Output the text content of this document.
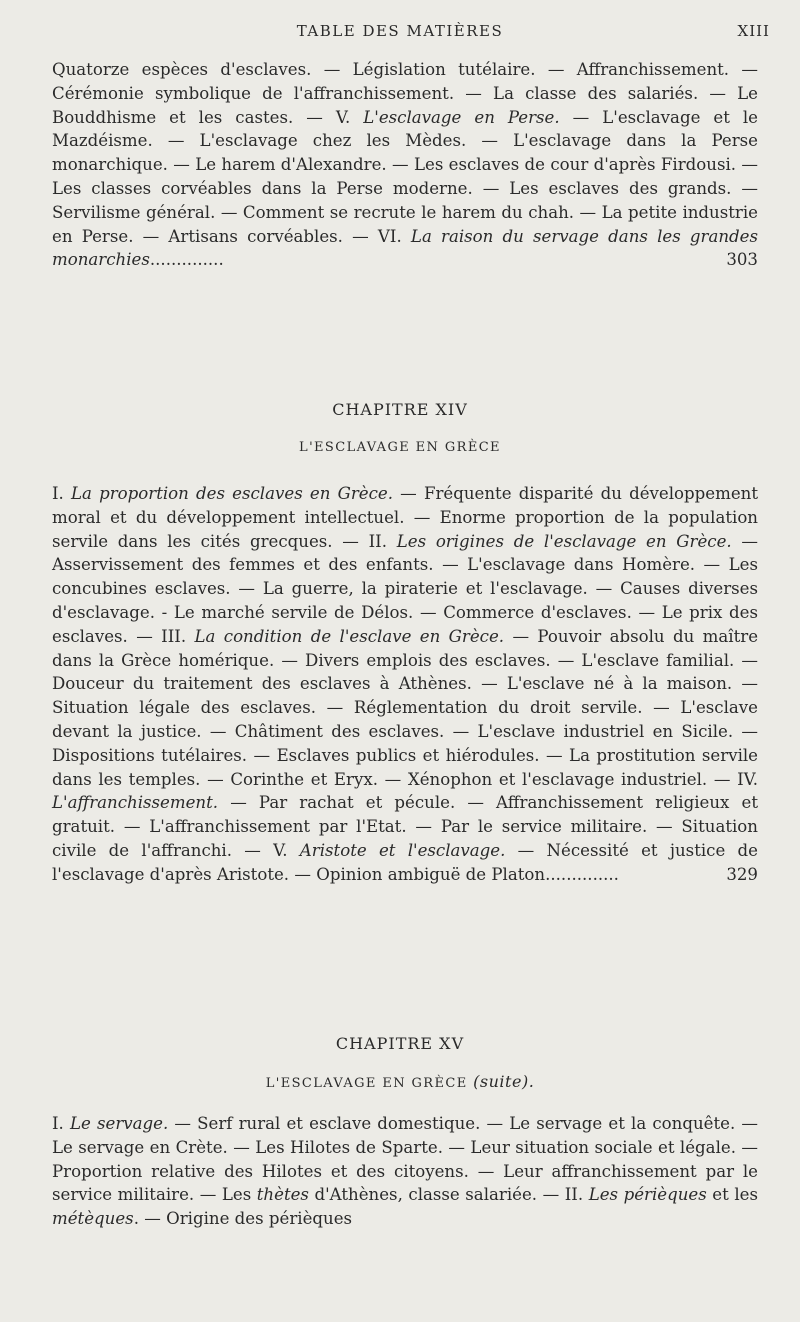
TABLE DES MATIÈRES	XIII
Quatorze espèces d'esclaves. — Législation tutélaire. — Affranchissement. — Cérémonie symbolique de l'affranchissement. — La classe des salariés. — Le Bouddhisme et les castes. — V. L'esclavage en Perse. — L'esclavage et le Mazdéisme. — L'esclavage chez les Mèdes. — L'esclavage dans la Perse monarchique. — Le harem d'Alexandre. — Les esclaves de cour d'après Firdousi. — Les classes corvéables dans la Perse moderne. — Les esclaves des grands. — Servilisme général. — Comment se recrute le harem du chah. — La petite industrie en Perse. — Artisans corvéables. — VI. La raison du servage dans les grandes monarchies..............	303
CHAPITRE XIV
L'ESCLAVAGE EN GRÈCE
I. La proportion des esclaves en Grèce. — Fréquente disparité du développement moral et du développement intellectuel. — Enorme proportion de la population servile dans les cités grecques. — II. Les origines de l'esclavage en Grèce. — Asservissement des femmes et des enfants. — L'esclavage dans Homère. — Les concubines esclaves. — La guerre, la piraterie et l'esclavage. — Causes diverses d'esclavage. - Le marché servile de Délos. — Commerce d'esclaves. — Le prix des esclaves. — III. La condition de l'esclave en Grèce. — Pouvoir absolu du maître dans la Grèce homérique. — Divers emplois des esclaves. — L'esclave familial. — Douceur du traitement des esclaves à Athènes. — L'esclave né à la maison. — Situation légale des esclaves. — Réglementation du droit servile. — L'esclave devant la justice. — Châtiment des esclaves. — L'esclave industriel en Sicile. — Dispositions tutélaires. — Esclaves publics et hiérodules. — La prostitution servile dans les temples. — Corinthe et Eryx. — Xénophon et l'esclavage industriel. — IV. L'affranchissement. — Par rachat et pécule. — Affranchissement religieux et gratuit. — L'affranchissement par l'Etat. — Par le service militaire. — Situation civile de l'affranchi. — V. Aristote et l'esclavage. — Nécessité et justice de l'esclavage d'après Aristote. — Opinion ambiguë de Platon..............	329
CHAPITRE XV
L'ESCLAVAGE EN GRÈCE (suite).
I. Le servage. — Serf rural et esclave domestique. — Le servage et la conquête. — Le servage en Crète. — Les Hilotes de Sparte. — Leur situation sociale et légale. — Proportion relative des Hilotes et des citoyens. — Leur affranchissement par le service militaire. — Les thètes d'Athènes, classe salariée. — II. Les périèques et les métèques. — Origine des périèques
